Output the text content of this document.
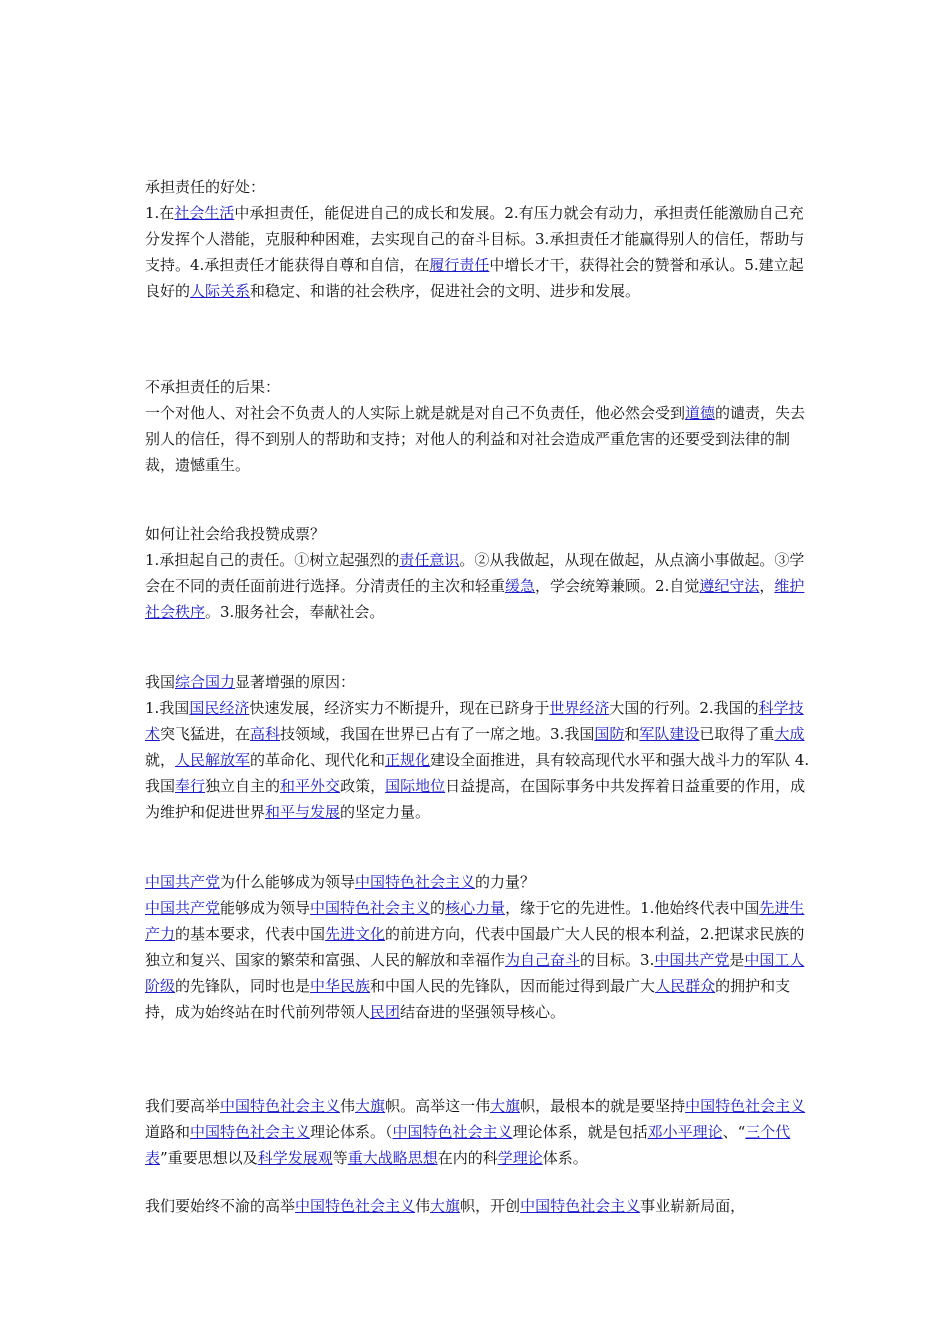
承担责任的好处：

1.在社会生活中承担责任，能促进自己的成长和发展。2.有压力就会有动力，承担责任能激励自己充分发挥个人潜能，克服种种困难，去实现自己的奋斗目标。3.承担责任才能赢得别人的信任，帮助与支持。4.承担责任才能获得自尊和自信，在履行责任中增长才干，获得社会的赞誉和承认。5.建立起良好的人际关系和稳定、和谐的社会秩序，促进社会的文明、进步和发展。

不承担责任的后果：

一个对他人、对社会不负责人的人实际上就是就是对自己不负责任，他必然会受到道德的谴责，失去别人的信任，得不到别人的帮助和支持；对他人的利益和对社会造成严重危害的还要受到法律的制裁，遗憾重生。

如何让社会给我投赞成票？

1.承担起自己的责任。①树立起强烈的责任意识。②从我做起，从现在做起，从点滴小事做起。③学会在不同的责任面前进行选择。分清责任的主次和轻重缓急，学会统筹兼顾。2.自觉遵纪守法，维护社会秩序。3.服务社会，奉献社会。

我国综合国力显著增强的原因：

1.我国国民经济快速发展，经济实力不断提升，现在已跻身于世界经济大国的行列。2.我国的科学技术突飞猛进，在高科技领域，我国在世界已占有了一席之地。3.我国国防和军队建设已取得了重大成就，人民解放军的革命化、现代化和正规化建设全面推进，具有较高现代水平和强大战斗力的军队 4.我国奉行独立自主的和平外交政策，国际地位日益提高，在国际事务中共发挥着日益重要的作用，成为维护和促进世界和平与发展的坚定力量。

中国共产党为什么能够成为领导中国特色社会主义的力量？

中国共产党能够成为领导中国特色社会主义的核心力量，缘于它的先进性。1.他始终代表中国先进生产力的基本要求，代表中国先进文化的前进方向，代表中国最广大人民的根本利益，2.把谋求民族的独立和复兴、国家的繁荣和富强、人民的解放和幸福作为自己奋斗的目标。3.中国共产党是中国工人阶级的先锋队，同时也是中华民族和中国人民的先锋队，因而能过得到最广大人民群众的拥护和支持，成为始终站在时代前列带领人民团结奋进的坚强领导核心。

我们要高举中国特色社会主义伟大旗帜。高举这一伟大旗帜，最根本的就是要坚持中国特色社会主义道路和中国特色社会主义理论体系。（中国特色社会主义理论体系，就是包括邓小平理论、“三个代表”重要思想以及科学发展观等重大战略思想在内的科学理论体系。

我们要始终不渝的高举中国特色社会主义伟大旗帜，开创中国特色社会主义事业崭新局面，
